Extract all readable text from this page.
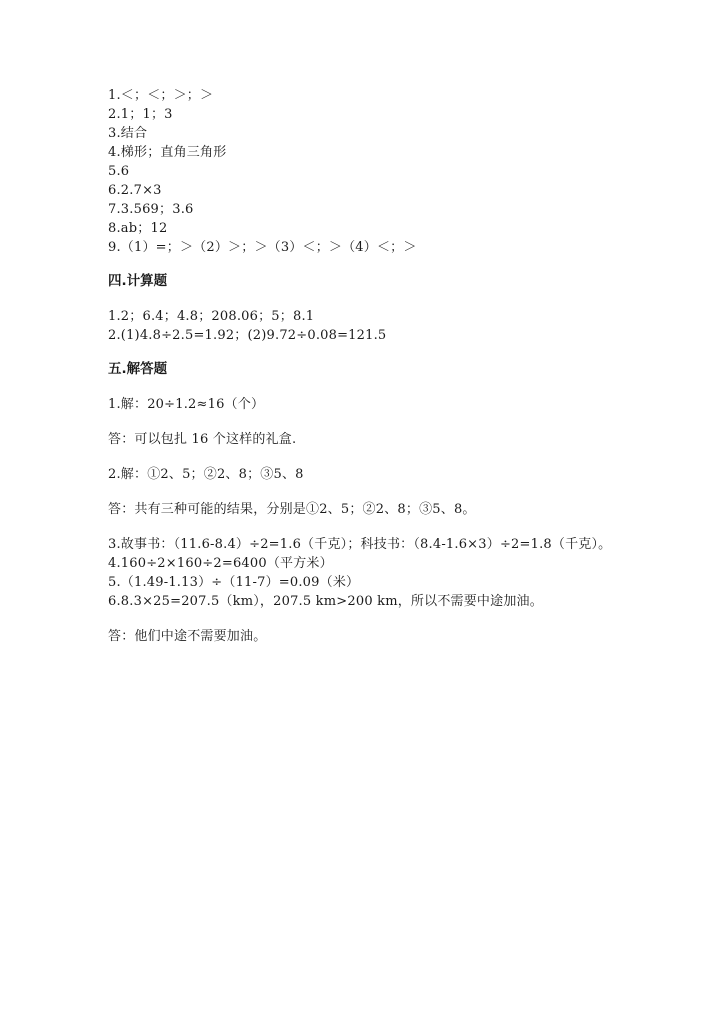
1.＜；＜；＞；＞
2.1；1；3
3.结合
4.梯形；直角三角形
5.6
6.2.7×3
7.3.569；3.6
8.ab；12
9.（1）=；＞（2）＞；＞（3）＜；＞（4）＜；＞
四.计算题
1.2；6.4；4.8；208.06；5；8.1
2.(1)4.8÷2.5=1.92；(2)9.72÷0.08=121.5
五.解答题
1.解：20÷1.2≈16（个）
答：可以包扎 16 个这样的礼盒.
2.解：①2、5；②2、8；③5、8
答：共有三种可能的结果，分别是①2、5；②2、8；③5、8。
3.故事书：（11.6-8.4）÷2=1.6（千克）；科技书：（8.4-1.6×3）÷2=1.8（千克）。
4.160÷2×160÷2=6400（平方米）
5.（1.49-1.13）÷（11-7）=0.09（米）
6.8.3×25=207.5（km），207.5 km>200 km，所以不需要中途加油。
答：他们中途不需要加油。
